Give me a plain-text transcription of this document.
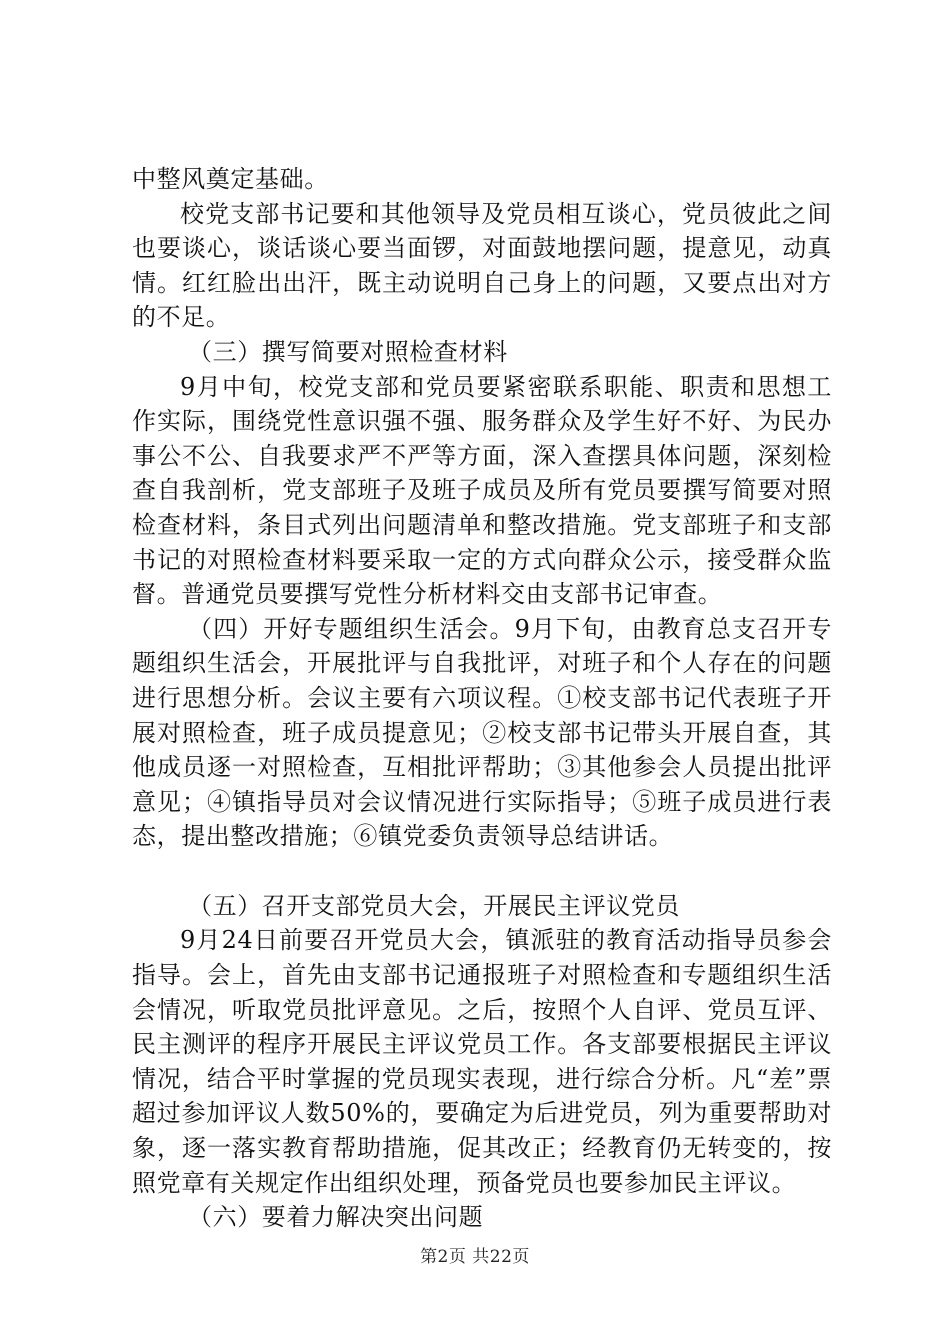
中整风奠定基础。

校党支部书记要和其他领导及党员相互谈心，党员彼此之间也要谈心，谈话谈心要当面锣，对面鼓地摆问题，提意见，动真情。红红脸出出汗，既主动说明自己身上的问题，又要点出对方的不足。

（三）撰写简要对照检查材料

9月中旬，校党支部和党员要紧密联系职能、职责和思想工作实际，围绕党性意识强不强、服务群众及学生好不好、为民办事公不公、自我要求严不严等方面，深入查摆具体问题，深刻检查自我剖析，党支部班子及班子成员及所有党员要撰写简要对照检查材料，条目式列出问题清单和整改措施。党支部班子和支部书记的对照检查材料要采取一定的方式向群众公示，接受群众监督。普通党员要撰写党性分析材料交由支部书记审查。

（四）开好专题组织生活会。9月下旬，由教育总支召开专题组织生活会，开展批评与自我批评，对班子和个人存在的问题进行思想分析。会议主要有六项议程。①校支部书记代表班子开展对照检查，班子成员提意见；②校支部书记带头开展自查，其他成员逐一对照检查，互相批评帮助；③其他参会人员提出批评意见；④镇指导员对会议情况进行实际指导；⑤班子成员进行表态，提出整改措施；⑥镇党委负责领导总结讲话。

（五）召开支部党员大会，开展民主评议党员

9月24日前要召开党员大会，镇派驻的教育活动指导员参会指导。会上，首先由支部书记通报班子对照检查和专题组织生活会情况，听取党员批评意见。之后，按照个人自评、党员互评、民主测评的程序开展民主评议党员工作。各支部要根据民主评议情况，结合平时掌握的党员现实表现，进行综合分析。凡“差”票超过参加评议人数50%的，要确定为后进党员，列为重要帮助对象，逐一落实教育帮助措施，促其改正；经教育仍无转变的，按照党章有关规定作出组织处理，预备党员也要参加民主评议。

（六）要着力解决突出问题

第2页 共22页
